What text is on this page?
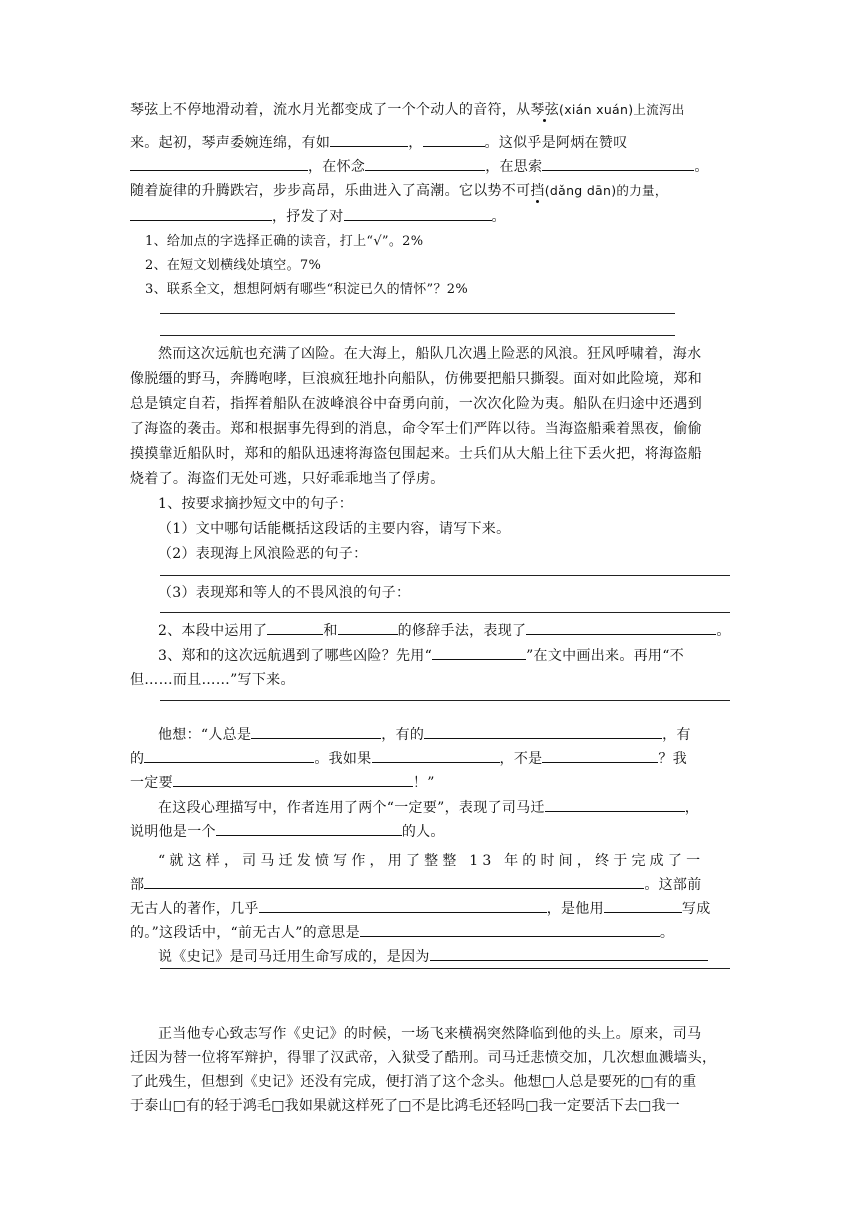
琴弦上不停地滑动着，流水月光都变成了一个个动人的音符，从琴弦(xián xuán)上流泻出
来。起初，琴声委婉连绵，有如	，	。这似乎是阿炳在赞叹
，在怀念	，在思索	。
随着旋律的升腾跌宕，步步高昂，乐曲进入了高潮。它以势不可挡(dǎng dān)的力量，
，抒发了对	。
1、给加点的字选择正确的读音，打上“√”。2%
2、在短文划横线处填空。7%
3、联系全文，想想阿炳有哪些“积淀已久的情怀”？2%
然而这次远航也充满了凶险。在大海上，船队几次遇上险恶的风浪。狂风呼啸着，海水
像脱缰的野马，奔腾咆哮，巨浪疯狂地扑向船队，仿佛要把船只撕裂。面对如此险境，郑和
总是镇定自若，指挥着船队在波峰浪谷中奋勇向前，一次次化险为夷。船队在归途中还遇到
了海盗的袭击。郑和根据事先得到的消息，命令军士们严阵以待。当海盗船乘着黑夜，偷偷
摸摸靠近船队时，郑和的船队迅速将海盗包围起来。士兵们从大船上往下丢火把，将海盗船
烧着了。海盗们无处可逃，只好乖乖地当了俘虏。
1、按要求摘抄短文中的句子：
（1）文中哪句话能概括这段话的主要内容，请写下来。
（2）表现海上风浪险恶的句子：
（3）表现郑和等人的不畏风浪的句子：
2、本段中运用了	和	的修辞手法，表现了	。
3、郑和的这次远航遇到了哪些凶险？先用“	”在文中画出来。再用“不
但……而且……”写下来。
他想：“人总是	，有的	，有
的	。我如果	，不是	？我
一定要	！”
在这段心理描写中，作者连用了两个“一定要”，表现了司马迁	，
说明他是一个	的人。
“就这样，司马迁发愤写作，用了整整 13 年的时间，终于完成了一
部	。这部前
无古人的著作，几乎	，是他用	写成
的。”这段话中，“前无古人”的意思是	。
说《史记》是司马迁用生命写成的，是因为
正当他专心致志写作《史记》的时候，一场飞来横祸突然降临到他的头上。原来，司马
迁因为替一位将军辩护，得罪了汉武帝，入狱受了酷刑。司马迁悲愤交加，几次想血溅墙头，
了此残生，但想到《史记》还没有完成，便打消了这个念头。他想□人总是要死的□有的重
于泰山□有的轻于鸿毛□我如果就这样死了□不是比鸿毛还轻吗□我一定要活下去□我一
